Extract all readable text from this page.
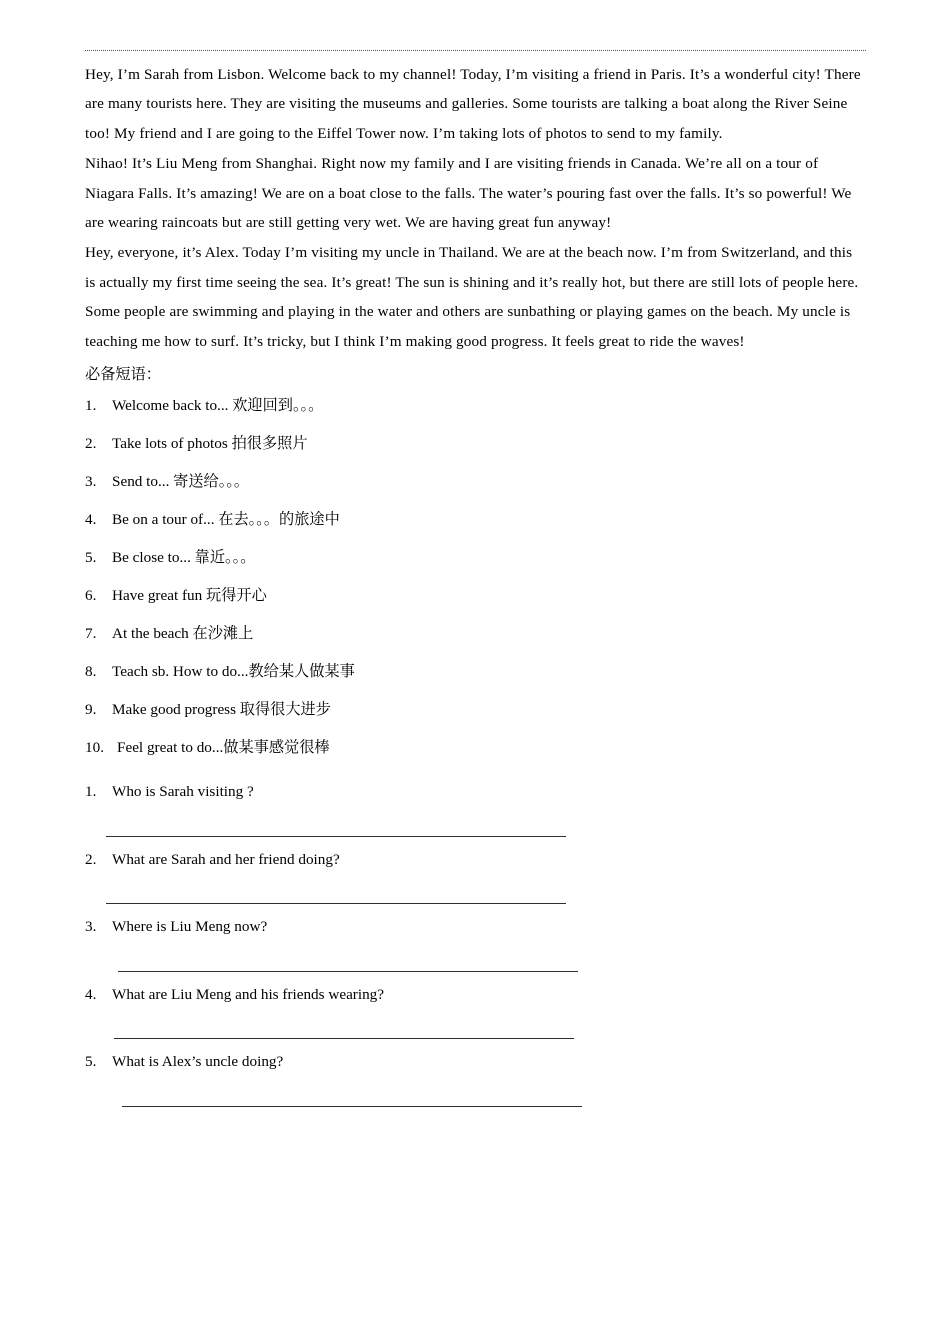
Hey, I’m Sarah from Lisbon. Welcome back to my channel! Today, I’m visiting a friend in Paris. It’s a wonderful city! There are many tourists here. They are visiting the museums and galleries. Some tourists are talking a boat along the River Seine too! My friend and I are going to the Eiffel Tower now. I’m taking lots of photos to send to my family.

Nihao! It’s Liu Meng from Shanghai. Right now my family and I are visiting friends in Canada. We’re all on a tour of Niagara Falls. It’s amazing! We are on a boat close to the falls. The water’s pouring fast over the falls. It’s so powerful! We are wearing raincoats but are still getting very wet. We are having great fun anyway!

Hey, everyone, it’s Alex. Today I’m visiting my uncle in Thailand. We are at the beach now. I’m from Switzerland, and this is actually my first time seeing the sea. It’s great! The sun is shining and it’s really hot, but there are still lots of people here. Some people are swimming and playing in the water and others are sunbathing or playing games on the beach. My uncle is teaching me how to surf. It’s tricky, but I think I’m making good progress. It feels great to ride the waves!

必备短语：
1.	Welcome back to... 欢迎回到。。。
2.	Take lots of photos 拍很多照片
3.	Send to... 寄送给。。。
4.	Be on a tour of... 在去。。。的旅途中
5.	Be close to... 靠近。。。
6.	Have great fun 玩得开心
7.	At the beach 在沙滩上
8.	Teach sb. How to do...教给某人做某事
9.	Make good progress 取得很大进步
10. Feel great to do...做某事感觉很棒
1.	Who is Sarah visiting ?
2.	What are Sarah and her friend doing?
3.	Where is Liu Meng now?
4.	What are Liu Meng and his friends wearing?
5.	What is Alex’s uncle doing?
